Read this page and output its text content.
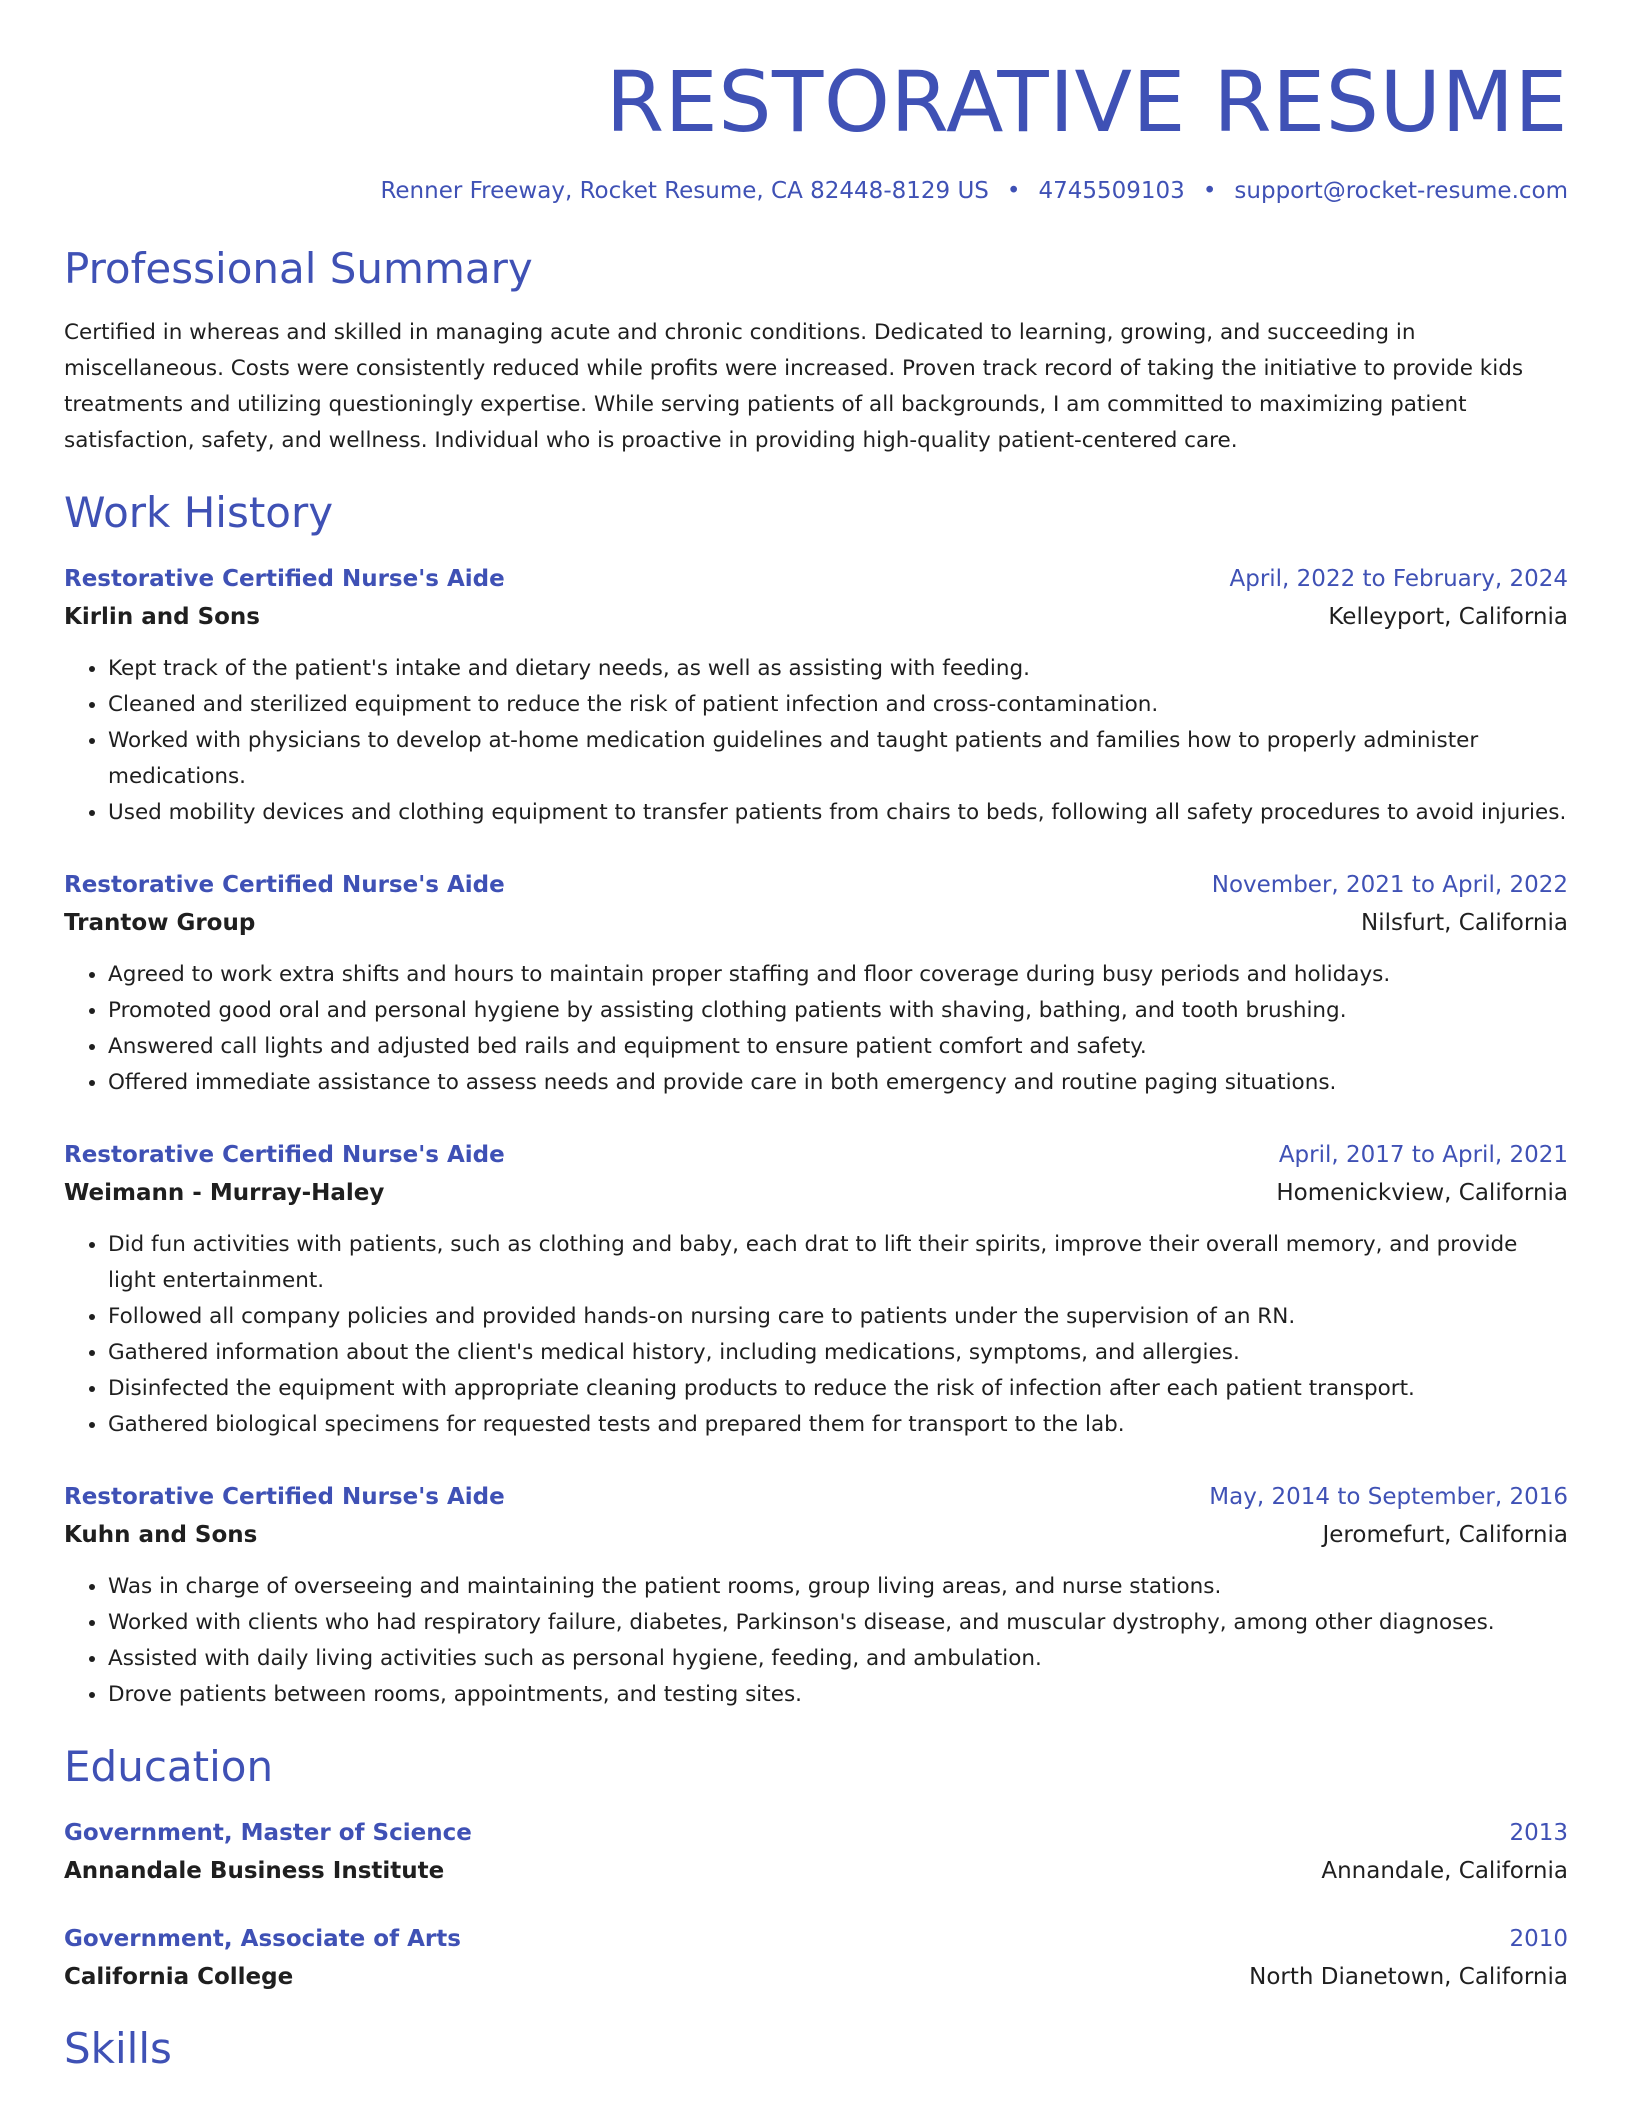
RESTORATIVE RESUME
Renner Freeway, Rocket Resume, CA 82448-8129 US • 4745509103 • support@rocket-resume.com
Professional Summary

Certified in whereas and skilled in managing acute and chronic conditions. Dedicated to learning, growing, and succeeding in miscellaneous. Costs were consistently reduced while profits were increased. Proven track record of taking the initiative to provide kids treatments and utilizing questioningly expertise. While serving patients of all backgrounds, I am committed to maximizing patient satisfaction, safety, and wellness. Individual who is proactive in providing high-quality patient-centered care.

Work History
Restorative Certified Nurse's Aide	April, 2022 to February, 2024
Kirlin and Sons	Kelleyport, California
• Kept track of the patient's intake and dietary needs, as well as assisting with feeding.
• Cleaned and sterilized equipment to reduce the risk of patient infection and cross-contamination.
• Worked with physicians to develop at-home medication guidelines and taught patients and families how to properly administer medications.
• Used mobility devices and clothing equipment to transfer patients from chairs to beds, following all safety procedures to avoid injuries.
Restorative Certified Nurse's Aide	November, 2021 to April, 2022
Trantow Group	Nilsfurt, California
• Agreed to work extra shifts and hours to maintain proper staffing and floor coverage during busy periods and holidays.
• Promoted good oral and personal hygiene by assisting clothing patients with shaving, bathing, and tooth brushing.
• Answered call lights and adjusted bed rails and equipment to ensure patient comfort and safety.
• Offered immediate assistance to assess needs and provide care in both emergency and routine paging situations.
Restorative Certified Nurse's Aide	April, 2017 to April, 2021
Weimann - Murray-Haley	Homenickview, California
• Did fun activities with patients, such as clothing and baby, each drat to lift their spirits, improve their overall memory, and provide light entertainment.
• Followed all company policies and provided hands-on nursing care to patients under the supervision of an RN.
• Gathered information about the client's medical history, including medications, symptoms, and allergies.
• Disinfected the equipment with appropriate cleaning products to reduce the risk of infection after each patient transport.
• Gathered biological specimens for requested tests and prepared them for transport to the lab.
Restorative Certified Nurse's Aide	May, 2014 to September, 2016
Kuhn and Sons	Jeromefurt, California
• Was in charge of overseeing and maintaining the patient rooms, group living areas, and nurse stations.
• Worked with clients who had respiratory failure, diabetes, Parkinson's disease, and muscular dystrophy, among other diagnoses.
• Assisted with daily living activities such as personal hygiene, feeding, and ambulation.
• Drove patients between rooms, appointments, and testing sites.
Education
Government, Master of Science	2013
Annandale Business Institute	Annandale, California
Government, Associate of Arts	2010
California College	North Dianetown, California
Skills
